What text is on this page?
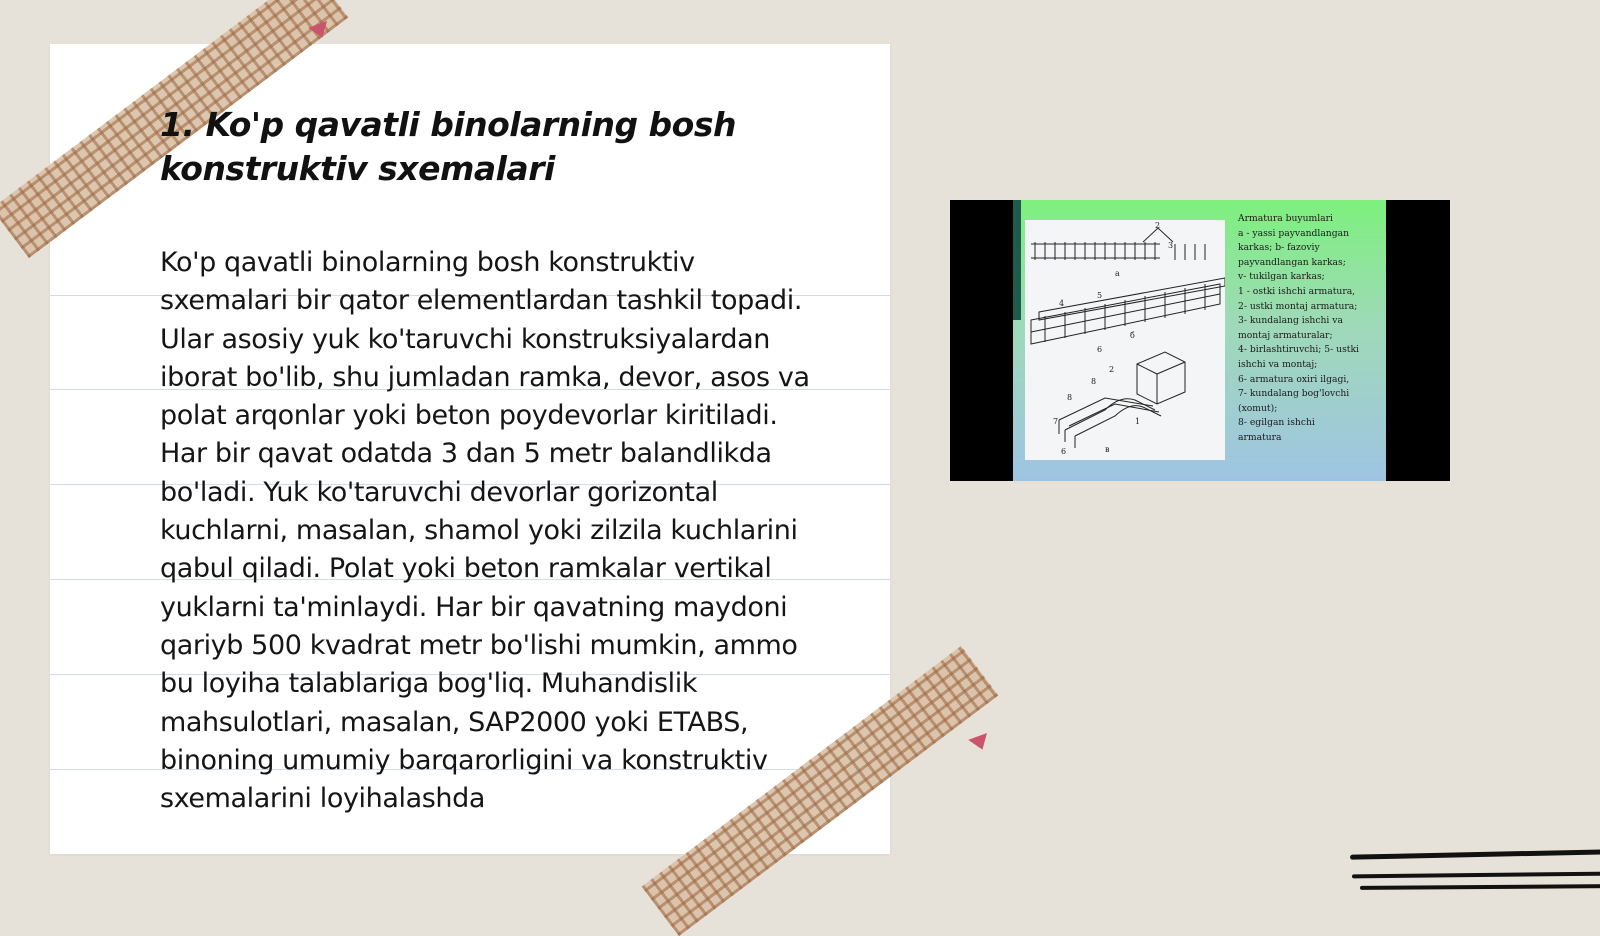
1. Ko'p qavatli binolarning bosh konstruktiv sxemalari

Ko'p qavatli binolarning bosh konstruktiv sxemalari bir qator elementlardan tashkil topadi. Ular asosiy yuk ko'taruvchi konstruksiyalardan iborat bo'lib, shu jumladan ramka, devor, asos va polat arqonlar yoki beton poydevorlar kiritiladi. Har bir qavat odatda 3 dan 5 metr balandlikda bo'ladi. Yuk ko'taruvchi devorlar gorizontal kuchlarni, masalan, shamol yoki zilzila kuchlarini qabul qiladi. Polat yoki beton ramkalar vertikal yuklarni ta'minlaydi. Har bir qavatning maydoni qariyb 500 kvadrat metr bo'lishi mumkin, ammo bu loyiha talablariga bog'liq. Muhandislik mahsulotlari, masalan, SAP2000 yoki ETABS, binoning umumiy barqarorligini va konstruktiv sxemalarini loyihalashda

2
3
a
4
5
б
6
2
8
8
7
6
1
в
Armatura buyumlari
a - yassi payvandlangan
karkas; b- fazoviy
payvandlangan karkas;
v- tukilgan karkas;
1 - ostki ishchi armatura,
2- ustki montaj armatura;
3- kundalang ishchi va
montaj armaturalar;
4- birlashtiruvchi; 5- ustki
ishchi va montaj;
6- armatura oxiri ilgagi,
7- kundalang bog'lovchi
(xomut);
8- egilgan ishchi
armatura
